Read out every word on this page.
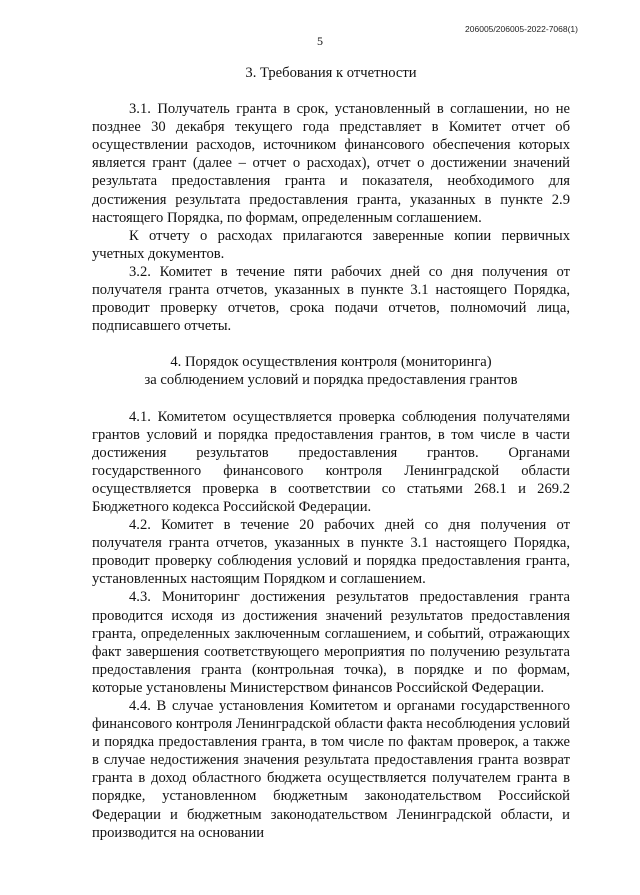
206005/206005-2022-7068(1)
5

3. Требования к отчетности

3.1. Получатель гранта в срок, установленный в соглашении, но не позднее 30 декабря текущего года представляет в Комитет отчет об осуществлении расходов, источником финансового обеспечения которых является грант (далее – отчет о расходах), отчет о достижении значений результата предоставления гранта и показателя, необходимого для достижения результата предоставления гранта, указанных в пункте 2.9 настоящего Порядка, по формам, определенным соглашением.

К отчету о расходах прилагаются заверенные копии первичных учетных документов.

3.2. Комитет в течение пяти рабочих дней со дня получения от получателя гранта отчетов, указанных в пункте 3.1 настоящего Порядка, проводит проверку отчетов, срока подачи отчетов, полномочий лица, подписавшего отчеты.

4. Порядок осуществления контроля (мониторинга)

за соблюдением условий и порядка предоставления грантов

4.1. Комитетом осуществляется проверка соблюдения получателями грантов условий и порядка предоставления грантов, в том числе в части достижения результатов предоставления грантов. Органами государственного финансового контроля Ленинградской области осуществляется проверка в соответствии со статьями 268.1 и 269.2 Бюджетного кодекса Российской Федерации.

4.2. Комитет в течение 20 рабочих дней со дня получения от получателя гранта отчетов, указанных в пункте 3.1 настоящего Порядка, проводит проверку соблюдения условий и порядка предоставления гранта, установленных настоящим Порядком и соглашением.

4.3. Мониторинг достижения результатов предоставления гранта проводится исходя из достижения значений результатов предоставления гранта, определенных заключенным соглашением, и событий, отражающих факт завершения соответствующего мероприятия по получению результата предоставления гранта (контрольная точка), в порядке и по формам, которые установлены Министерством финансов Российской Федерации.

4.4. В случае установления Комитетом и органами государственного финансового контроля Ленинградской области факта несоблюдения условий и порядка предоставления гранта, в том числе по фактам проверок, а также в случае недостижения значения результата предоставления гранта возврат гранта в доход областного бюджета осуществляется получателем гранта в порядке, установленном бюджетным законодательством Российской Федерации и бюджетным законодательством Ленинградской области, и производится на основании
